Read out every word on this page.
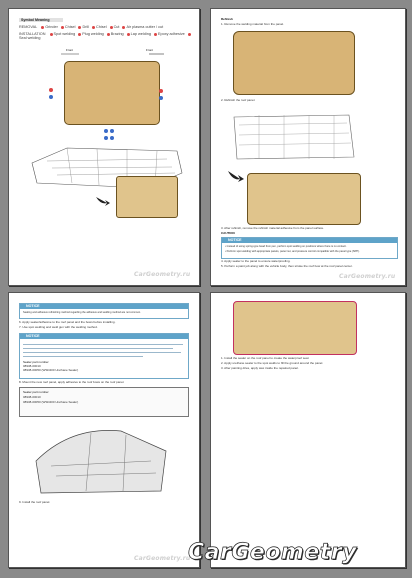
Symbol Meaning
REMOVAL Grinder Chisel Drill Chisel Cut Air plasma cutter / cut
INSTALLATION Spot welding Plug welding Brazing Lap welding Epoxy adhesiveSeal welding
Front	Front
CarGeometry.ru
Refinish
1. Remove the welding material from the panel.
2. Refinish the roof panel.
3. After refinish, remove the refinish material adhesive from the panel surface.
CAUTION
NOTICE
• Instead of using spring-type bead from pen, perform spot welding on positions where there is no contact.
• Perform spot welding with appropriate panels, panel nut, and pressure control compatible with the panel type (SPP).
4. Apply sealer to the panel to ensure waterproofing.
5. Perform a paint job along with the vehicle body, then stroke the roof bow at the roof panel center.
CarGeometry.ru
NOTICE
Sealing and adhesive refinishing method regarding the adhesive and welding method are not common.
6. Apply sealer/adhesive to the roof panel and the bows before installing.
7. Use spot welding and weld gun with the welding method.
NOTICE
Sealer part number
08938-00010
08938-00050 (WSD400 Urethane Sealer)
8. Mount the new roof panel, apply adhesive to the roof bows on the roof panel.
Sealer part number
08938-00010
08938-00050 (WSD400 Urethane Sealer)
9. Install the roof panel.
CarGeometry.ru
1. Install the sealer on the roof panel to create the waterproof seal.
2. Apply urethane sealer to the spot welds to fill the ground around the panel.
3. After painting dries, apply wax inside the repaired panel.
CarGeometry
